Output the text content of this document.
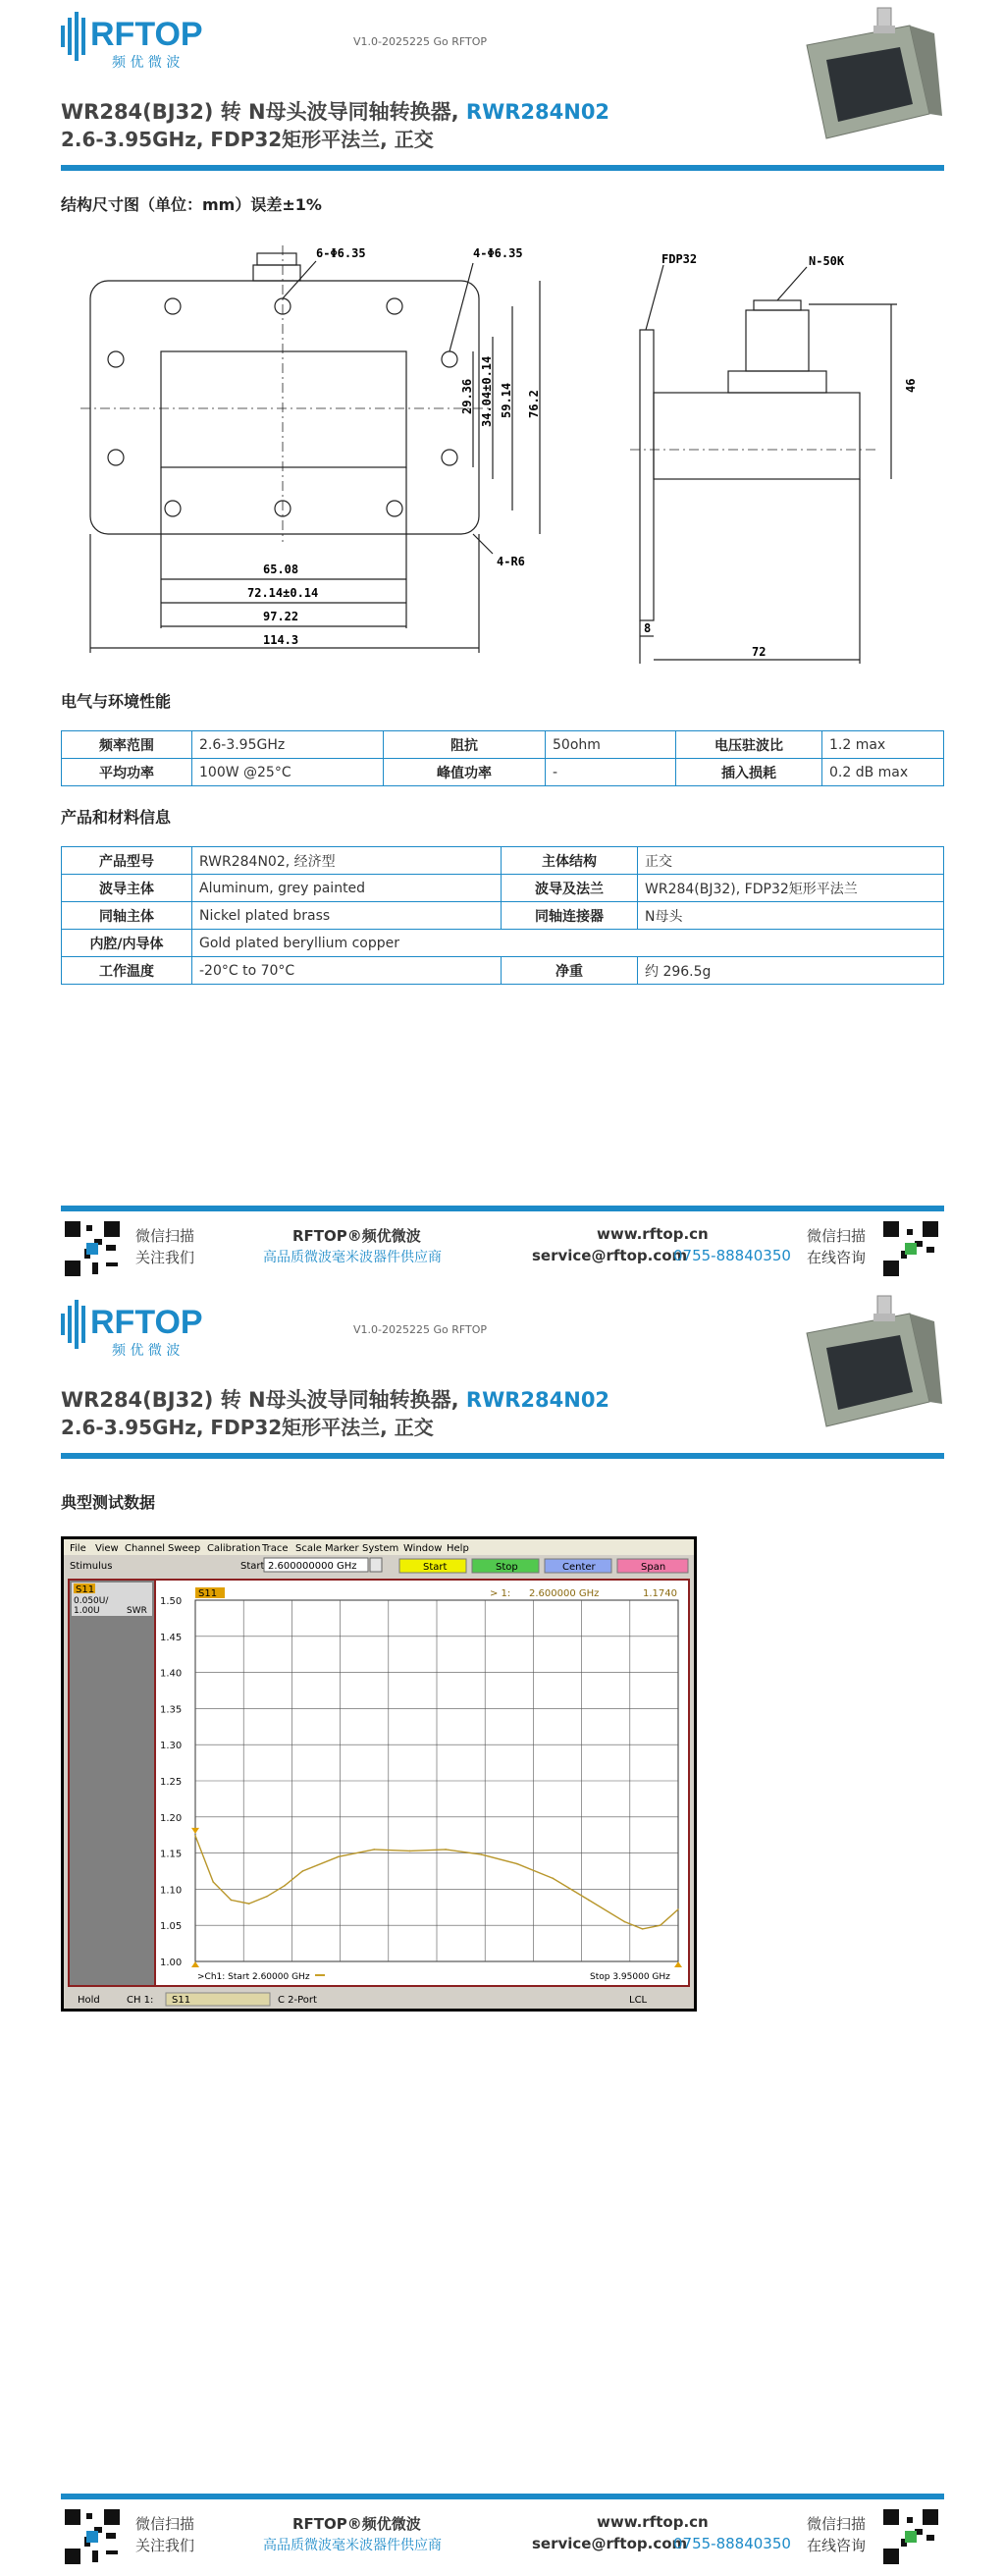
RFTOP
频 优 微 波
V1.0-2025225 Go RFTOP
WR284(BJ32) 转 N母头波导同轴转换器, RWR284N02
2.6-3.95GHz, FDP32矩形平法兰, 正交
结构尺寸图（单位：mm）误差±1%
6-Φ6.35	4-Φ6.35
29.36 34.04±0.14 59.14 76.2
65.08
72.14±0.14
97.22
114.3
4-R6
FDP32	N-50K
46
8
72
电气与环境性能
频率范围	2.6-3.95GHz	阻抗	50ohm	电压驻波比	1.2 max
平均功率	100W @25°C	峰值功率	-	插入损耗	0.2 dB max
产品和材料信息
产品型号	RWR284N02, 经济型	主体结构	正交
波导主体	Aluminum, grey painted	波导及法兰	WR284(BJ32), FDP32矩形平法兰
同轴主体	Nickel plated brass	同轴连接器	N母头
内腔/内导体	Gold plated beryllium copper		
工作温度	-20°C to 70°C	净重	约 296.5g
微信扫描
关注我们
RFTOP®频优微波
高品质微波毫米波器件供应商
www.rftop.cn
service@rftop.com
0755-88840350
微信扫描
在线咨询
RFTOP
频 优 微 波
V1.0-2025225 Go RFTOP
WR284(BJ32) 转 N母头波导同轴转换器, RWR284N02
2.6-3.95GHz, FDP32矩形平法兰, 正交
典型测试数据
File View Channel Sweep Calibration Trace Scale Marker System Window Help
Stimulus	Start 2.600000000 GHz	Start	Stop	Center	Span
S11
0.050U/
1.00U	SWR
1.50
1.45
1.40
1.35
1.30
1.25
1.20
1.15
1.10
1.05
1.00
> 1: 2.600000 GHz	1.1740
S11
>Ch1: Start 2.60000 GHz	Stop 3.95000 GHz
Hold	CH 1: S11	C 2-Port	LCL
微信扫描
关注我们
RFTOP®频优微波
高品质微波毫米波器件供应商
www.rftop.cn
service@rftop.com
0755-88840350
微信扫描
在线咨询
